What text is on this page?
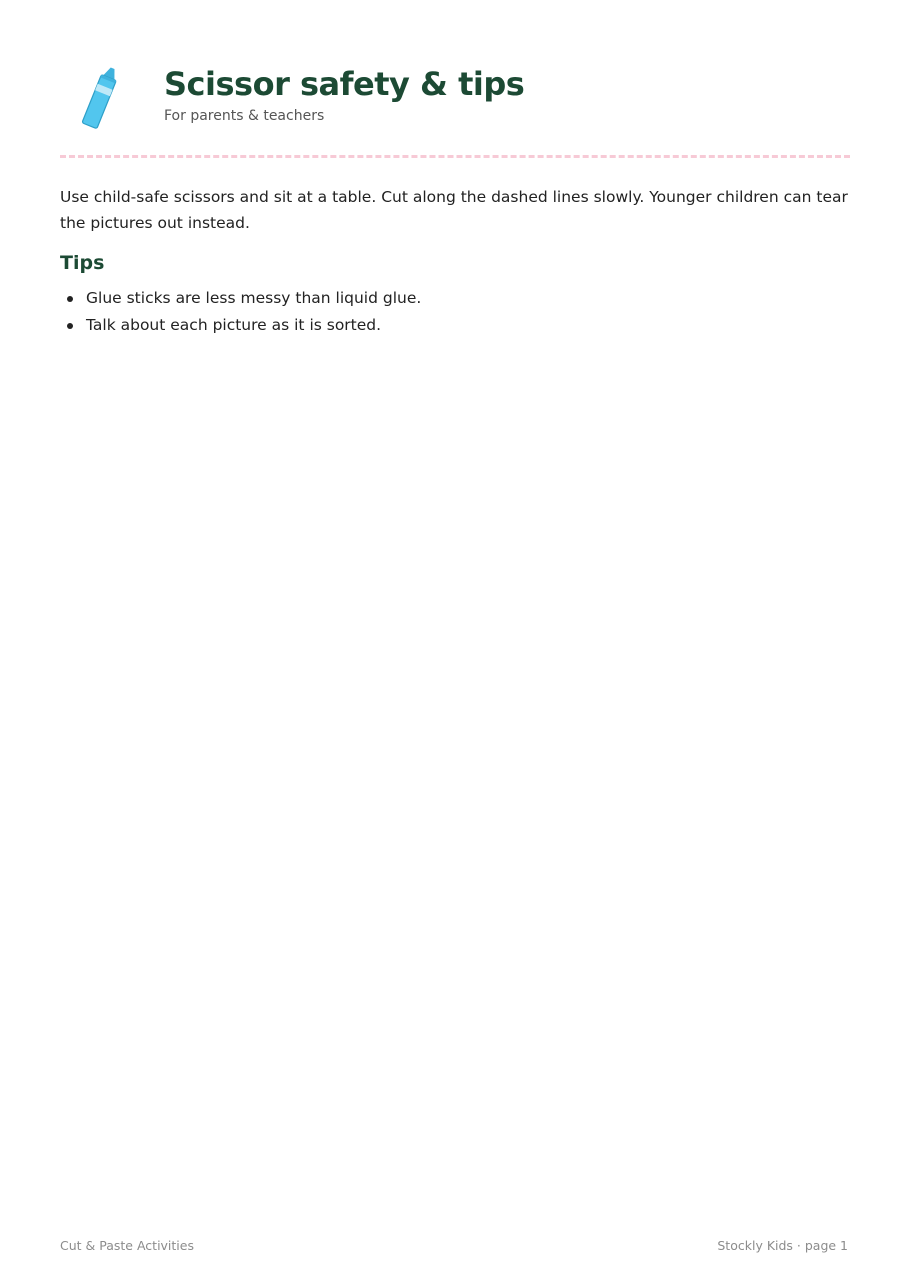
Scissor safety & tips
For parents & teachers

Use child-safe scissors and sit at a table. Cut along the dashed lines slowly. Younger children can tear the pictures out instead.

Tips
Glue sticks are less messy than liquid glue.
Talk about each picture as it is sorted.
Cut & Paste Activities	Stockly Kids · page 1
